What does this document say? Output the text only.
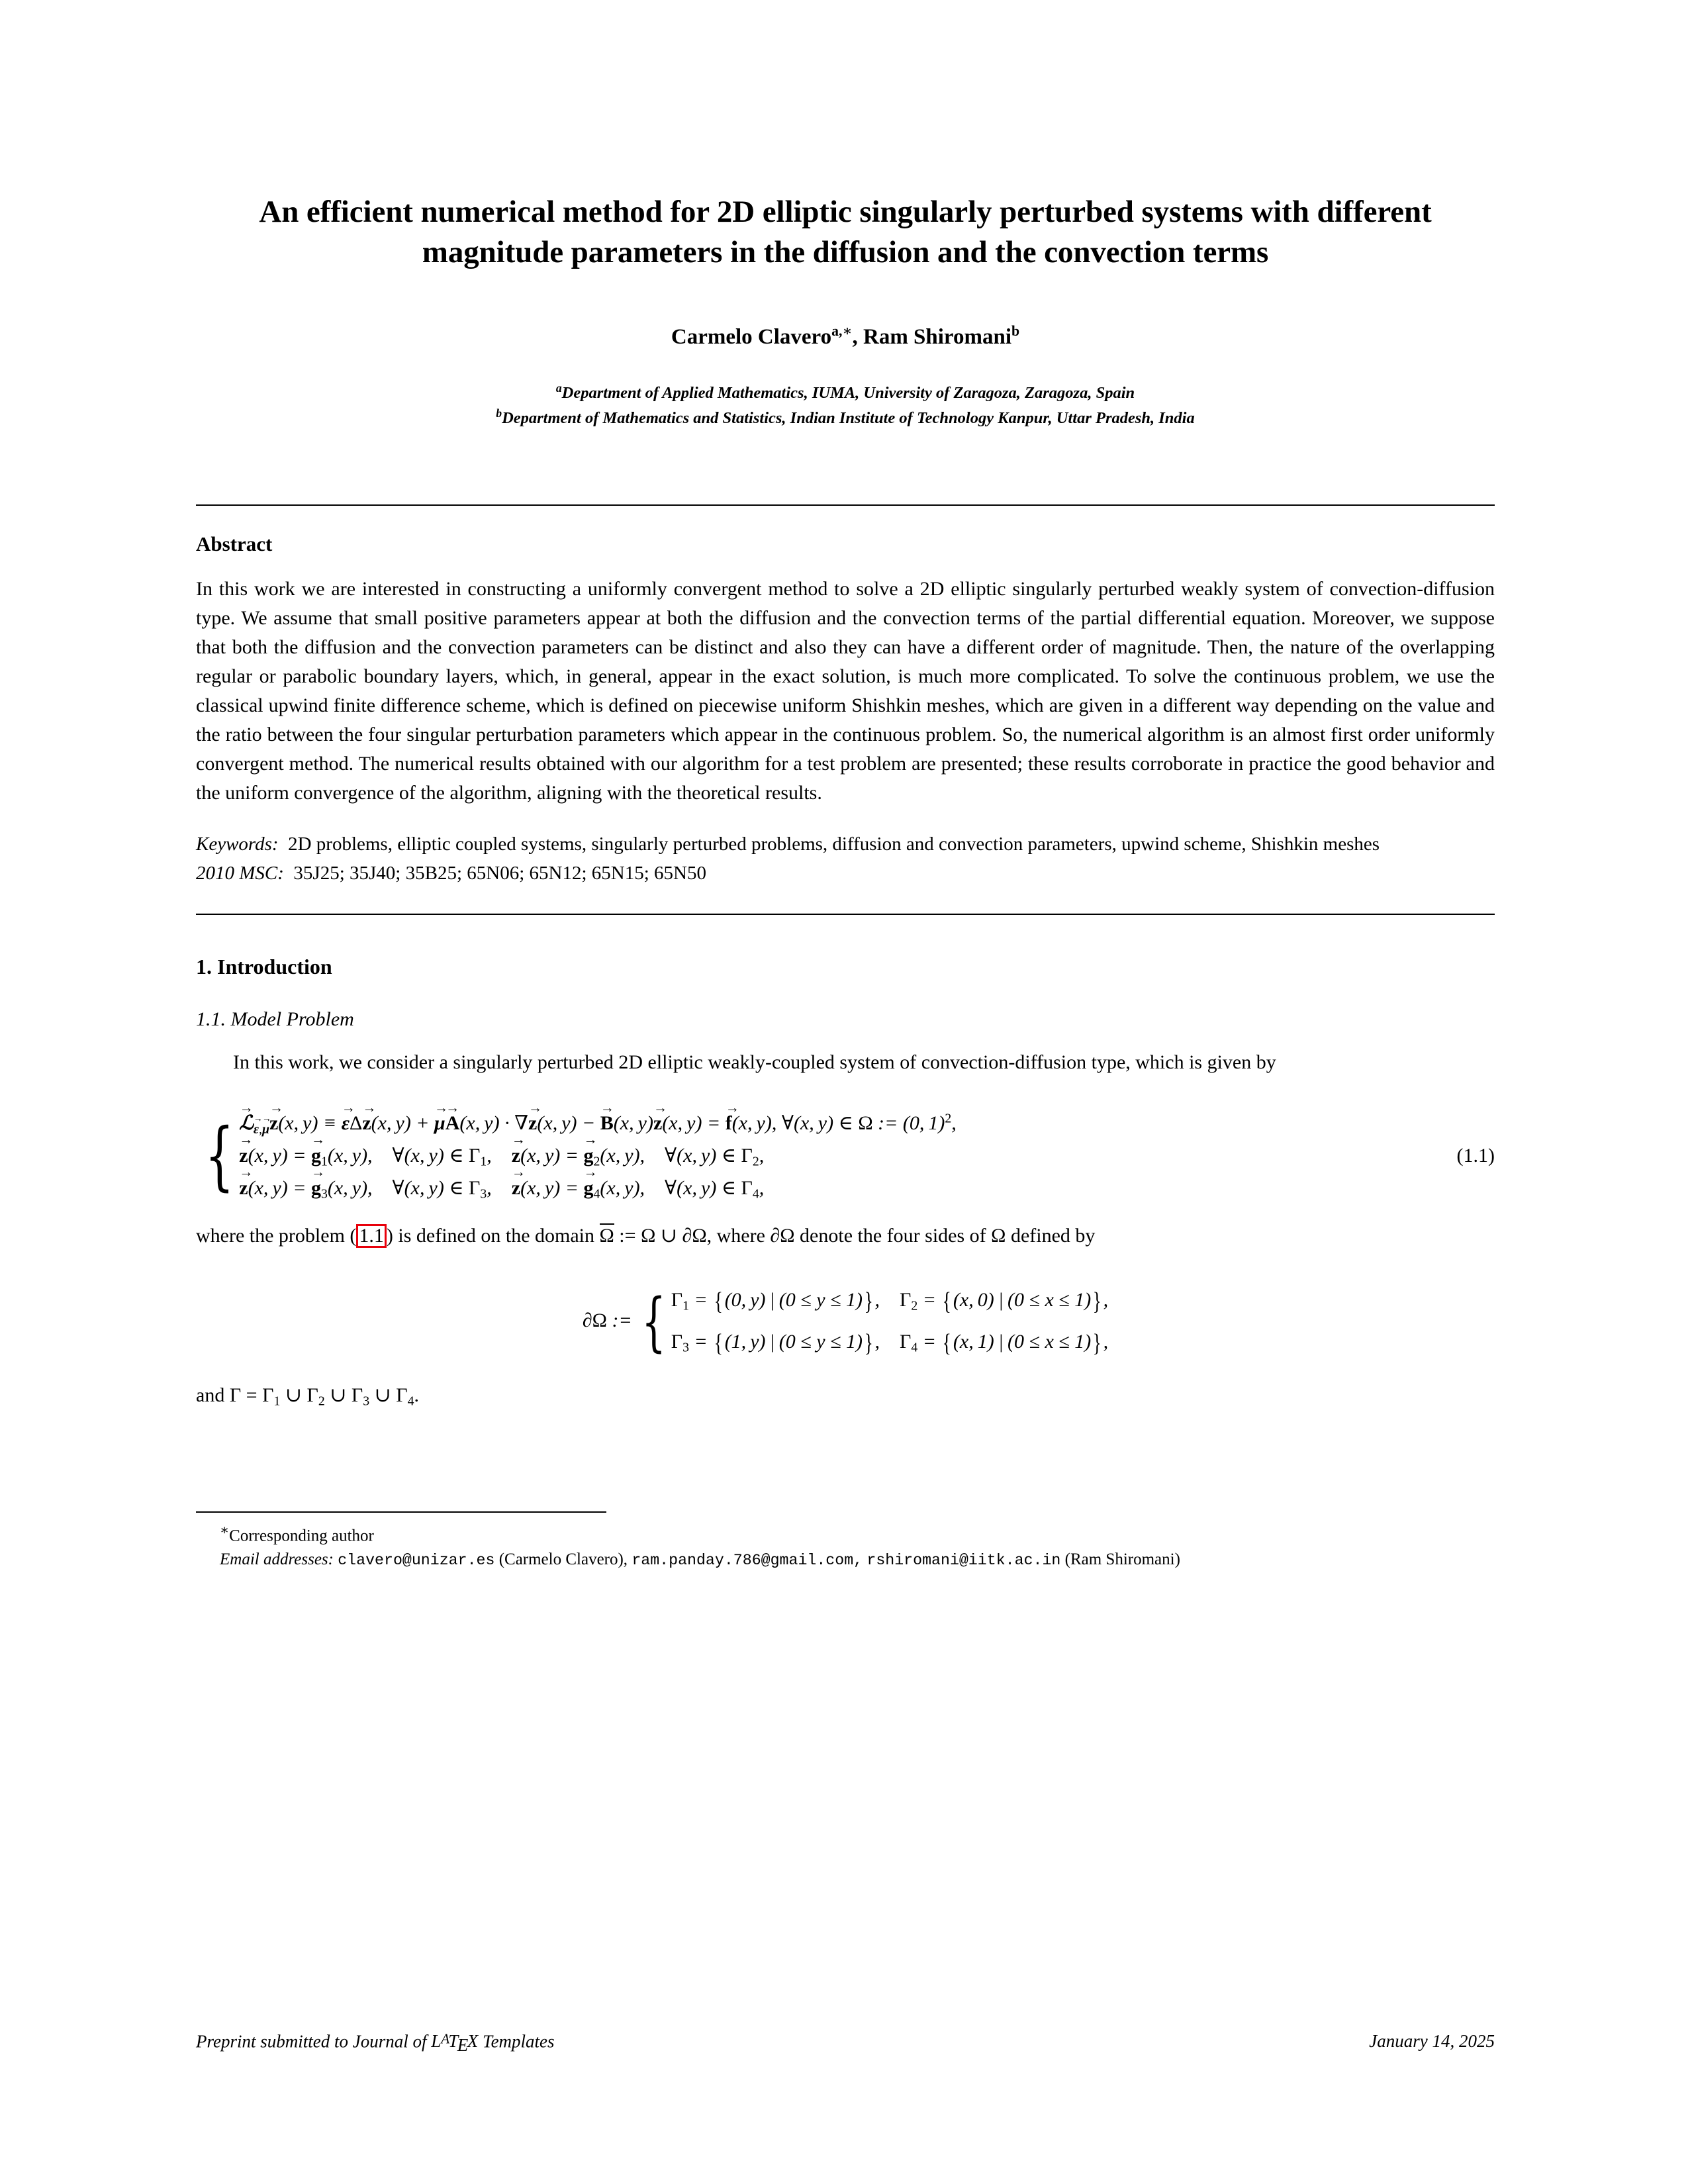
An efficient numerical method for 2D elliptic singularly perturbed systems with different magnitude parameters in the diffusion and the convection terms
Carmelo Clavero$^{a,∗}$, Ram Shiromani$^b$
$^a$Department of Applied Mathematics, IUMA, University of Zaragoza, Zaragoza, Spain
$^b$Department of Mathematics and Statistics, Indian Institute of Technology Kanpur, Uttar Pradesh, India
Abstract

In this work we are interested in constructing a uniformly convergent method to solve a 2D elliptic singularly perturbed weakly system of convection-diffusion type. We assume that small positive parameters appear at both the diffusion and the convection terms of the partial differential equation. Moreover, we suppose that both the diffusion and the convection parameters can be distinct and also they can have a different order of magnitude. Then, the nature of the overlapping regular or parabolic boundary layers, which, in general, appear in the exact solution, is much more complicated. To solve the continuous problem, we use the classical upwind finite difference scheme, which is defined on piecewise uniform Shishkin meshes, which are given in a different way depending on the value and the ratio between the four singular perturbation parameters which appear in the continuous problem. So, the numerical algorithm is an almost first order uniformly convergent method. The numerical results obtained with our algorithm for a test problem are presented; these results corroborate in practice the good behavior and the uniform convergence of the algorithm, aligning with the theoretical results.

Keywords: 2D problems, elliptic coupled systems, singularly perturbed problems, diffusion and convection parameters, upwind scheme, Shishkin meshes
2010 MSC: 35J25; 35J40; 35B25; 65N06; 65N12; 65N15; 65N50
1. Introduction
1.1. Model Problem

In this work, we consider a singularly perturbed 2D elliptic weakly-coupled system of convection-diffusion type, which is given by

{
→
ℒ $_{\to \varepsilon, \to \mu}$
→
z(x, y) ≡
→
εΔ
→
z(x, y) +
→
μ
→
A(x, y) · ∇
→
z(x, y) −
→
B(x, y)
→
z(x, y) =
→
f(x, y), ∀(x, y) ∈ Ω := (0, 1)$^2$,
→
z(x, y) =
→
$g_1(x$, y),    ∀(x, y) ∈ $\Gamma_1$,
→
z(x, y) =
→
$g_2(x$, y),    ∀(x, y) ∈ $\Gamma_2$,
→
z(x, y) =
→
$g_3(x$, y),    ∀(x, y) ∈ $\Gamma_3$,
→
z(x, y) =
→
$g_4(x$, y),    ∀(x, y) ∈ $\Gamma_4$,
(1.1)

where the problem ( 1.1 ) is defined on the domain Ω := Ω ∪ ∂Ω, where ∂Ω denote the four sides of Ω defined by

∂Ω := { $\Gamma_1 = \{(0$, y) | (0 ≤ y ≤ 1)},    $\Gamma_2 = \{(x$, 0) | (0 ≤ x ≤ 1)},
$\Gamma_3 = \{(1$, y) | (0 ≤ y ≤ 1)},    $\Gamma_4 = \{(x$, 1) | (0 ≤ x ≤ 1)},

and $\Gamma = \Gamma_1$ ∪ $\Gamma_2$ ∪ $\Gamma_3$ ∪ $\Gamma_4$.

∗Corresponding author
Email addresses: clavero@unizar.es (Carmelo Clavero), ram.panday.786@gmail.com, rshiromani@iitk.ac.in (Ram Shiromani)
Preprint submitted to Journal of L $^A$TEX Templates	January 14, 2025
